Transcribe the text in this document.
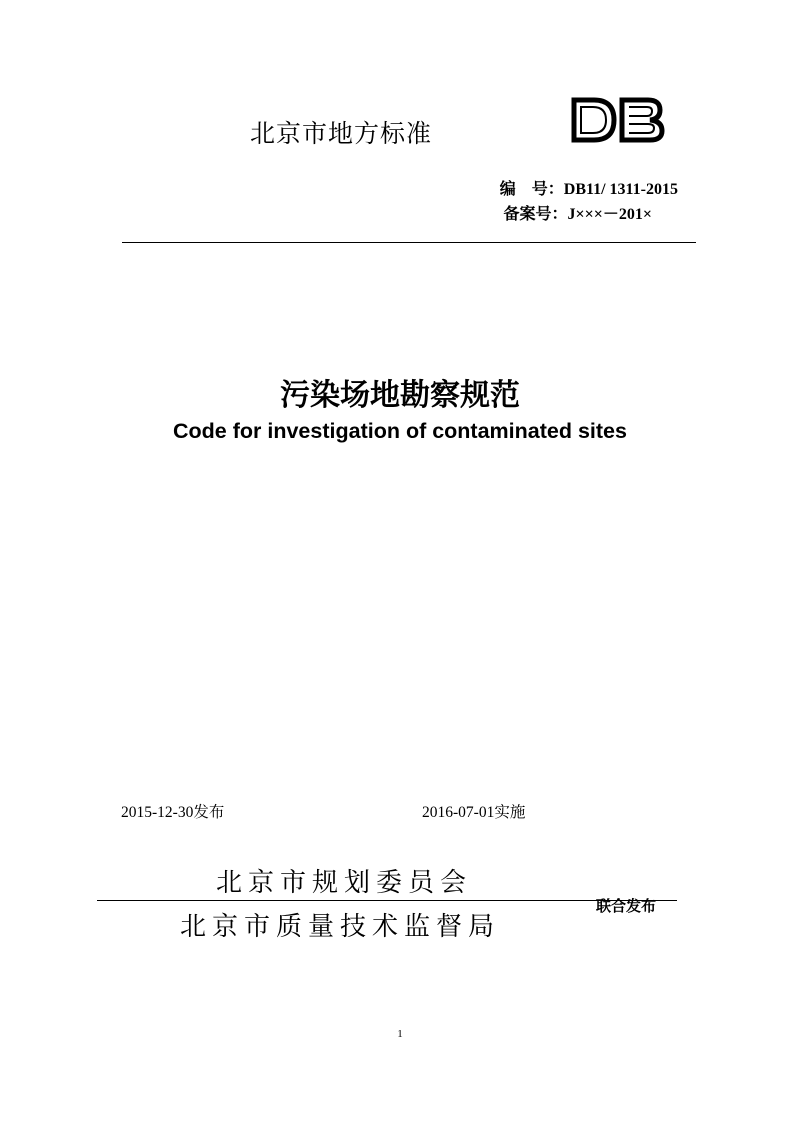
北京市地方标准
编　号：DB11/ 1311-2015
备案号：J×××－201×
污染场地勘察规范
Code for investigation of contaminated sites
2015-12-30发布	2016-07-01实施
北京市规划委员会
北京市质量技术监督局
联合发布
1
